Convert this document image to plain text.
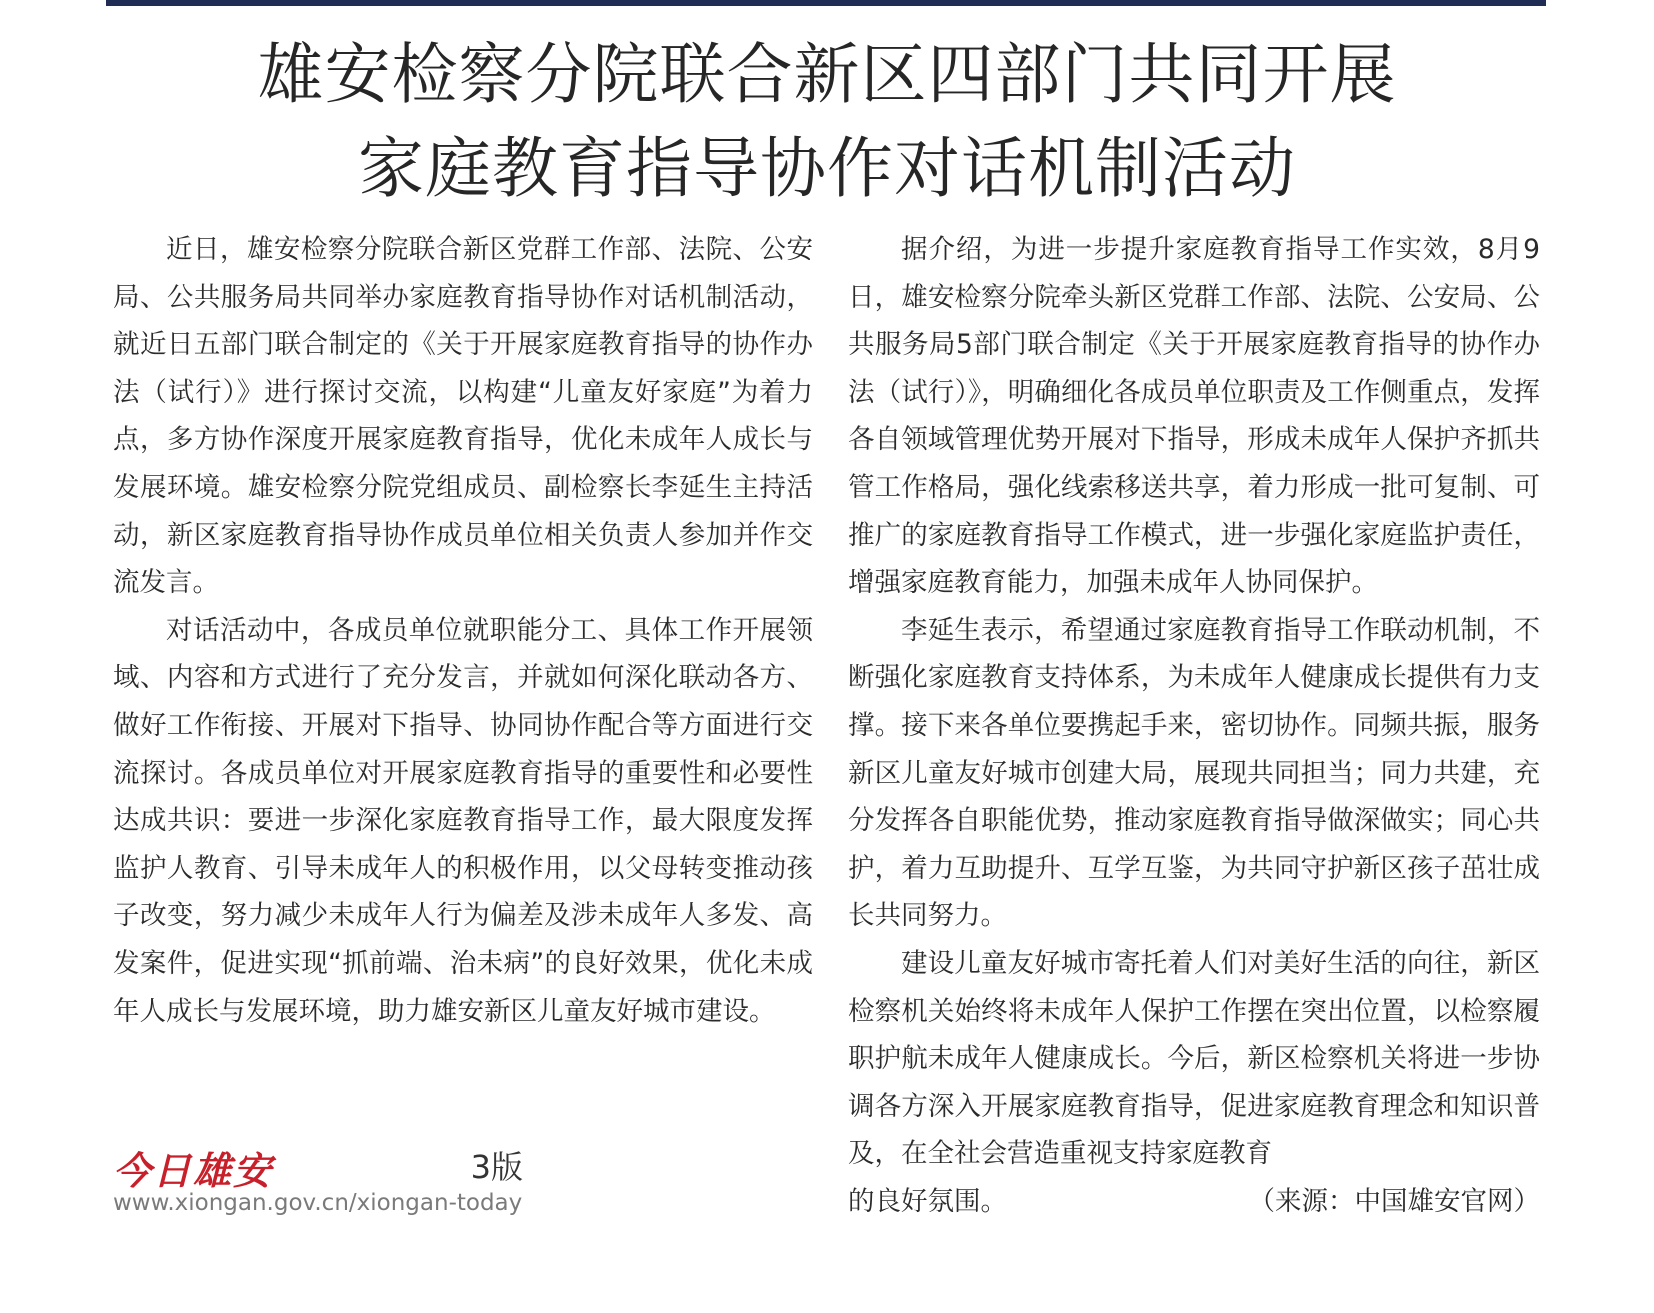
雄安检察分院联合新区四部门共同开展
家庭教育指导协作对话机制活动

近日，雄安检察分院联合新区党群工作部、法院、公安局、公共服务局共同举办家庭教育指导协作对话机制活动，就近日五部门联合制定的《关于开展家庭教育指导的协作办法（试行）》进行探讨交流，以构建“儿童友好家庭”为着力点，多方协作深度开展家庭教育指导，优化未成年人成长与发展环境。雄安检察分院党组成员、副检察长李延生主持活动，新区家庭教育指导协作成员单位相关负责人参加并作交流发言。

对话活动中，各成员单位就职能分工、具体工作开展领域、内容和方式进行了充分发言，并就如何深化联动各方、做好工作衔接、开展对下指导、协同协作配合等方面进行交流探讨。各成员单位对开展家庭教育指导的重要性和必要性达成共识：要进一步深化家庭教育指导工作，最大限度发挥监护人教育、引导未成年人的积极作用，以父母转变推动孩子改变，努力减少未成年人行为偏差及涉未成年人多发、高发案件，促进实现“抓前端、治未病”的良好效果，优化未成年人成长与发展环境，助力雄安新区儿童友好城市建设。

据介绍，为进一步提升家庭教育指导工作实效，8月9日，雄安检察分院牵头新区党群工作部、法院、公安局、公共服务局5部门联合制定《关于开展家庭教育指导的协作办法（试行）》，明确细化各成员单位职责及工作侧重点，发挥各自领域管理优势开展对下指导，形成未成年人保护齐抓共管工作格局，强化线索移送共享，着力形成一批可复制、可推广的家庭教育指导工作模式，进一步强化家庭监护责任，增强家庭教育能力，加强未成年人协同保护。

李延生表示，希望通过家庭教育指导工作联动机制，不断强化家庭教育支持体系，为未成年人健康成长提供有力支撑。接下来各单位要携起手来，密切协作。同频共振，服务新区儿童友好城市创建大局，展现共同担当；同力共建，充分发挥各自职能优势，推动家庭教育指导做深做实；同心共护，着力互助提升、互学互鉴，为共同守护新区孩子茁壮成长共同努力。

建设儿童友好城市寄托着人们对美好生活的向往，新区检察机关始终将未成年人保护工作摆在突出位置，以检察履职护航未成年人健康成长。今后，新区检察机关将进一步协调各方深入开展家庭教育指导，促进家庭教育理念和知识普及，在全社会营造重视支持家庭教育

的良好氛围。	（来源：中国雄安官网）
今日雄安	3版
www.xiongan.gov.cn/xiongan-today
